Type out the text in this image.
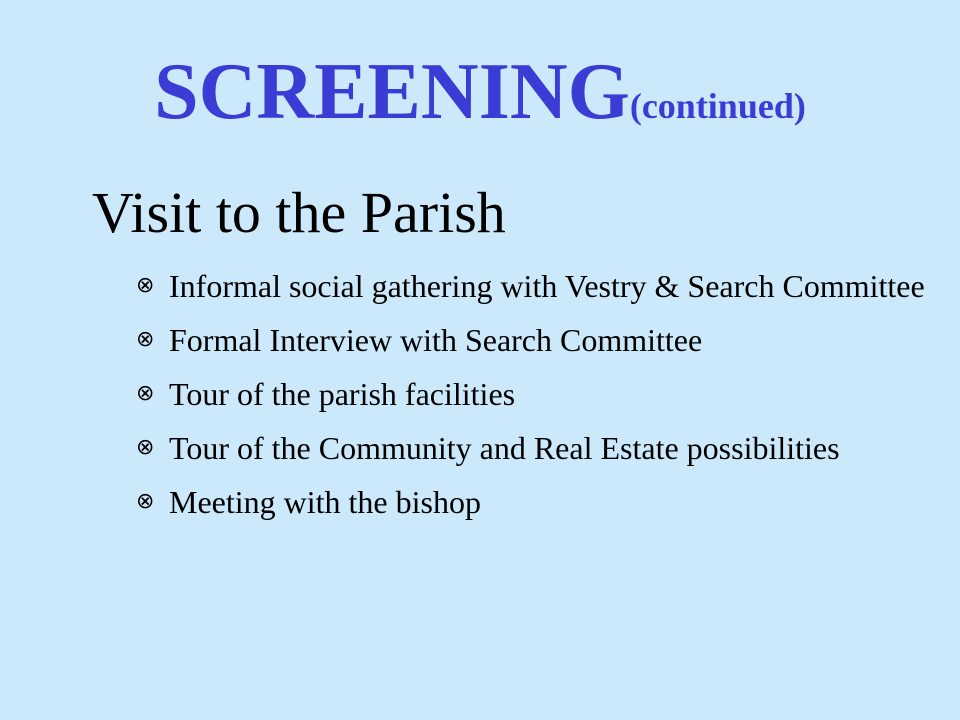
SCREENING(continued)
Visit to the Parish
⊗ Informal social gathering with Vestry & Search Committee
⊗ Formal Interview with Search Committee
⊗ Tour of the parish facilities
⊗ Tour of the Community and Real Estate possibilities
⊗ Meeting with the bishop
